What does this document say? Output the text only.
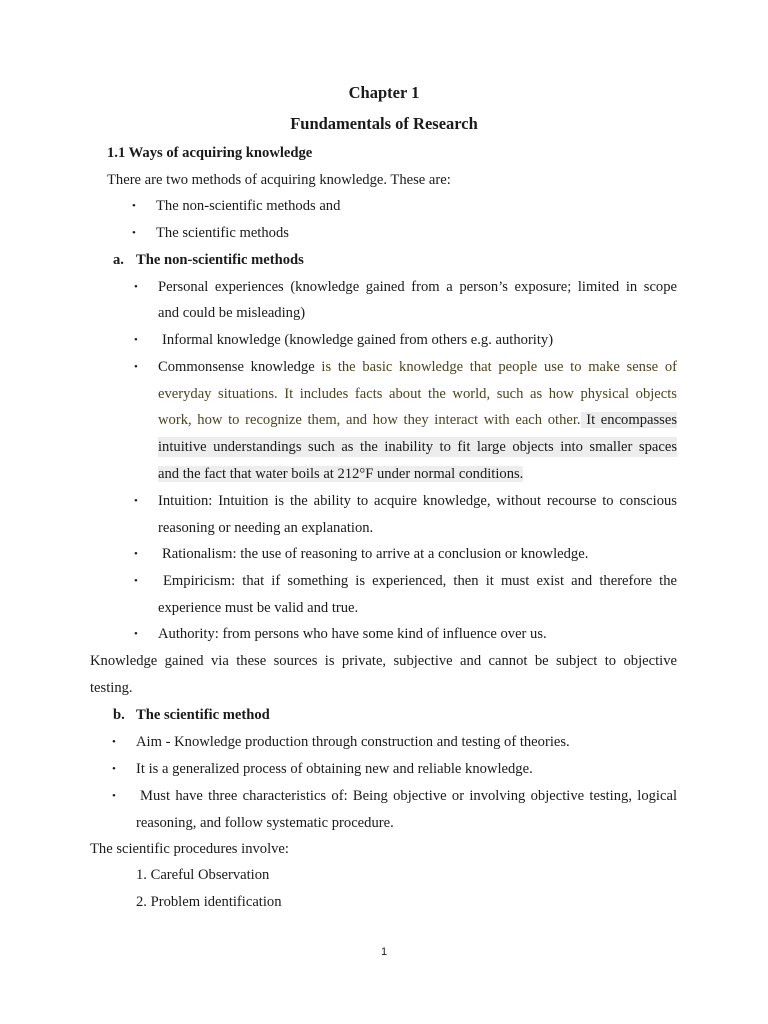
Chapter 1
Fundamentals of Research
1.1 Ways of acquiring knowledge
There are two methods of acquiring knowledge. These are:
• The non-scientific methods and
• The scientific methods
a. The non-scientific methods
• Personal experiences (knowledge gained from a person’s exposure; limited in scope
and could be misleading)
• Informal knowledge (knowledge gained from others e.g. authority)
• Commonsense knowledge is the basic knowledge that people use to make sense of
everyday situations. It includes facts about the world, such as how physical objects
work, how to recognize them, and how they interact with each other. It encompasses
intuitive understandings such as the inability to fit large objects into smaller spaces
and the fact that water boils at 212°F under normal conditions.
• Intuition: Intuition is the ability to acquire knowledge, without recourse to conscious
reasoning or needing an explanation.
• Rationalism: the use of reasoning to arrive at a conclusion or knowledge.
• Empiricism: that if something is experienced, then it must exist and therefore the
experience must be valid and true.
• Authority: from persons who have some kind of influence over us.
Knowledge gained via these sources is private, subjective and cannot be subject to objective
testing.
b. The scientific method
• Aim - Knowledge production through construction and testing of theories.
• It is a generalized process of obtaining new and reliable knowledge.
• Must have three characteristics of: Being objective or involving objective testing, logical
reasoning, and follow systematic procedure.
The scientific procedures involve:
1. Careful Observation
2. Problem identification
1
